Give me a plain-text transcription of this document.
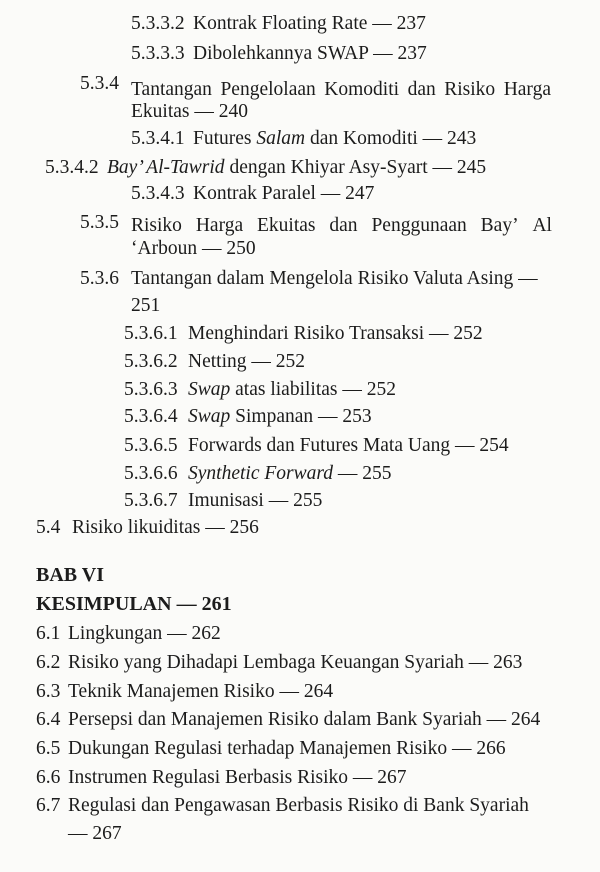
5.3.3.2 Kontrak Floating Rate — 237
5.3.3.3 Dibolehkannya SWAP — 237
5.3.4 Tantangan Pengelolaan Komoditi dan Risiko Harga
Ekuitas — 240
5.3.4.1 Futures Salam dan Komoditi — 243
5.3.4.2 Bay’ Al-Tawrid dengan Khiyar Asy-Syart — 245
5.3.4.3 Kontrak Paralel — 247
5.3.5 Risiko Harga Ekuitas dan Penggunaan Bay’ Al
‘Arboun — 250
5.3.6 Tantangan dalam Mengelola Risiko Valuta Asing —
251
5.3.6.1 Menghindari Risiko Transaksi — 252
5.3.6.2 Netting — 252
5.3.6.3 Swap atas liabilitas — 252
5.3.6.4 Swap Simpanan — 253
5.3.6.5 Forwards dan Futures Mata Uang — 254
5.3.6.6 Synthetic Forward — 255
5.3.6.7 Imunisasi — 255
5.4 Risiko likuiditas — 256
BAB VI
KESIMPULAN — 261
6.1 Lingkungan — 262
6.2 Risiko yang Dihadapi Lembaga Keuangan Syariah — 263
6.3 Teknik Manajemen Risiko — 264
6.4 Persepsi dan Manajemen Risiko dalam Bank Syariah — 264
6.5 Dukungan Regulasi terhadap Manajemen Risiko — 266
6.6 Instrumen Regulasi Berbasis Risiko — 267
6.7 Regulasi dan Pengawasan Berbasis Risiko di Bank Syariah
— 267
